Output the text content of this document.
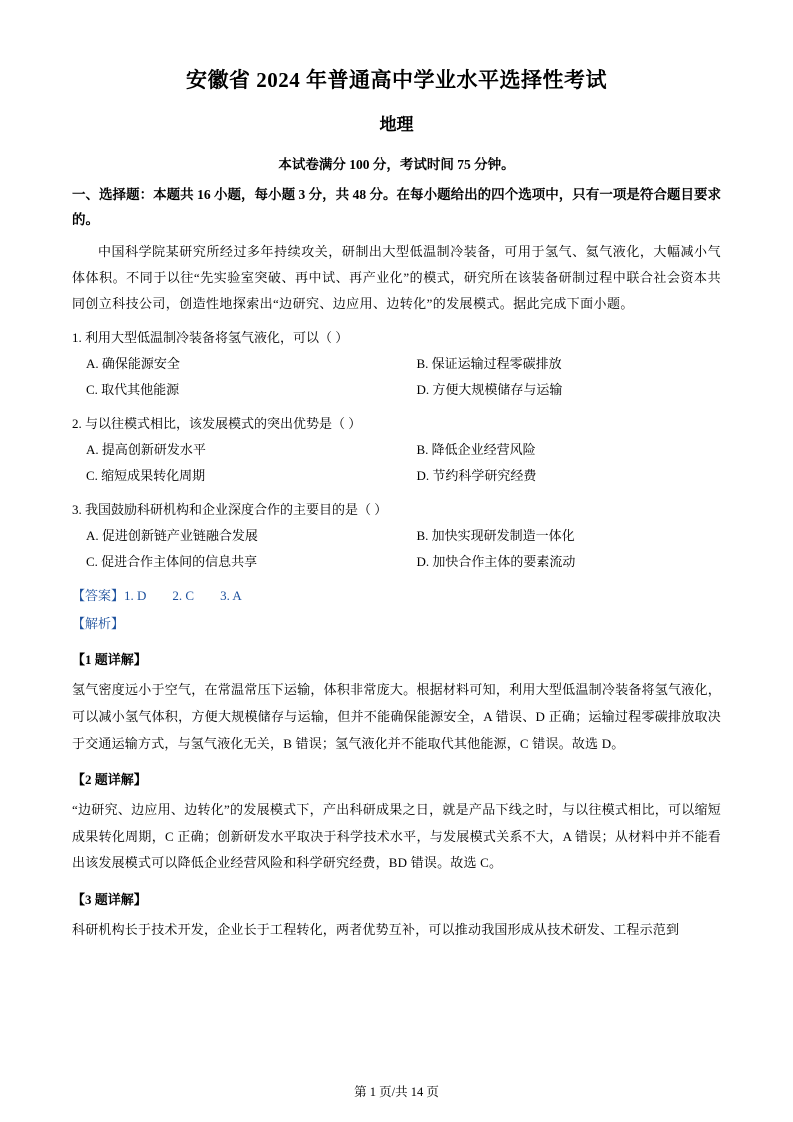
安徽省 2024 年普通高中学业水平选择性考试
地理
本试卷满分 100 分，考试时间 75 分钟。
一、选择题：本题共 16 小题，每小题 3 分，共 48 分。在每小题给出的四个选项中，只有一项是符合题目要求的。
中国科学院某研究所经过多年持续攻关，研制出大型低温制冷装备，可用于氢气、氦气液化，大幅减小气体体积。不同于以往“先实验室突破、再中试、再产业化”的模式，研究所在该装备研制过程中联合社会资本共同创立科技公司，创造性地探索出“边研究、边应用、边转化”的发展模式。据此完成下面小题。
1. 利用大型低温制冷装备将氢气液化，可以（ ）
A. 确保能源安全	B. 保证运输过程零碳排放
C. 取代其他能源	D. 方便大规模储存与运输
2. 与以往模式相比，该发展模式的突出优势是（ ）
A. 提高创新研发水平	B. 降低企业经营风险
C. 缩短成果转化周期	D. 节约科学研究经费
3. 我国鼓励科研机构和企业深度合作的主要目的是（ ）
A. 促进创新链产业链融合发展	B. 加快实现研发制造一体化
C. 促进合作主体间的信息共享	D. 加快合作主体的要素流动
【答案】1. D 2. C 3. A
【解析】
【1 题详解】
氢气密度远小于空气，在常温常压下运输，体积非常庞大。根据材料可知，利用大型低温制冷装备将氢气液化，可以减小氢气体积，方便大规模储存与运输，但并不能确保能源安全，A 错误、D 正确；运输过程零碳排放取决于交通运输方式，与氢气液化无关，B 错误；氢气液化并不能取代其他能源，C 错误。故选 D。
【2 题详解】
“边研究、边应用、边转化”的发展模式下，产出科研成果之日，就是产品下线之时，与以往模式相比，可以缩短成果转化周期，C 正确；创新研发水平取决于科学技术水平，与发展模式关系不大，A 错误；从材料中并不能看出该发展模式可以降低企业经营风险和科学研究经费，BD 错误。故选 C。
【3 题详解】
科研机构长于技术开发，企业长于工程转化，两者优势互补，可以推动我国形成从技术研发、工程示范到
第 1 页/共 14 页
